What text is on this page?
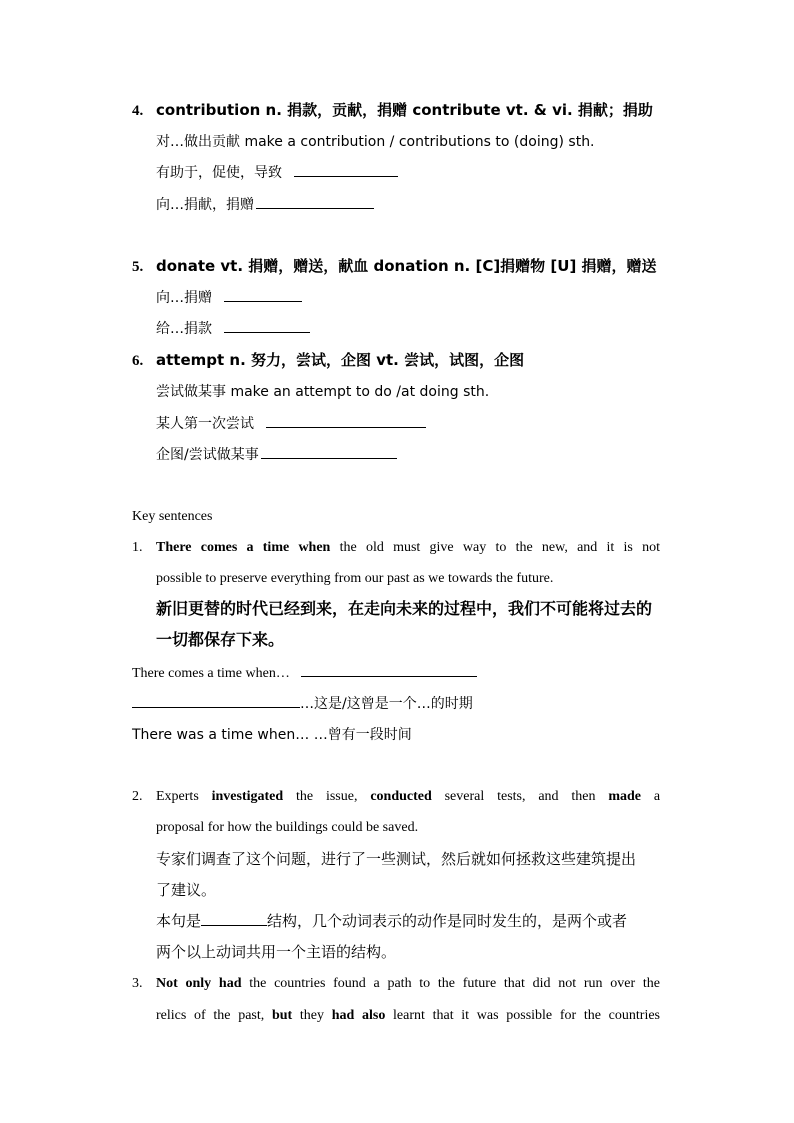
4. contribution n. 捐款，贡献，捐赠 contribute vt. & vi. 捐献；捐助
对…做出贡献 make a contribution / contributions to (doing) sth.
有助于，促使，导致
向…捐献，捐赠
5. donate vt. 捐赠，赠送，献血 donation n. [C]捐赠物 [U] 捐赠，赠送
向…捐赠
给…捐款
6. attempt n. 努力，尝试，企图 vt. 尝试，试图，企图
尝试做某事 make an attempt to do /at doing sth.
某人第一次尝试
企图/尝试做某事
Key sentences
1. There comes a time when the old must give way to the new, and it is not
possible to preserve everything from our past as we towards the future.
新旧更替的时代已经到来，在走向未来的过程中，我们不可能将过去的
一切都保存下来。
There comes a time when…
…这是/这曾是一个…的时期
There was a time when… …曾有一段时间
2. Experts investigated the issue, conducted several tests, and then made a
proposal for how the buildings could be saved.
专家们调查了这个问题，进行了一些测试，然后就如何拯救这些建筑提出
了建议。
本句是	结构，几个动词表示的动作是同时发生的，是两个或者
两个以上动词共用一个主语的结构。
3. Not only had the countries found a path to the future that did not run over the
relics of the past, but they had also learnt that it was possible for the countries
